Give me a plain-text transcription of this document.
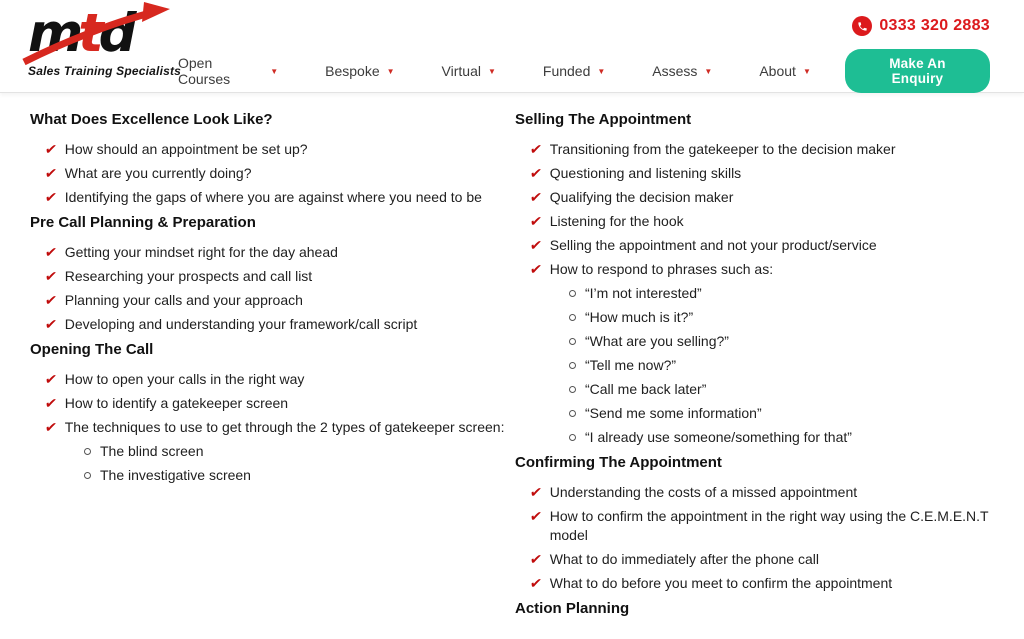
mtd
Sales Training Specialists
0333 320 2883
Open Courses	▼	Bespoke ▼	Virtual ▼	Funded ▼	Assess ▼	About ▼
Make An Enquiry
What Does Excellence Look Like?
✔ How should an appointment be set up?
✔ What are you currently doing?
✔ Identifying the gaps of where you are against where you need to be
Pre Call Planning & Preparation
✔ Getting your mindset right for the day ahead
✔ Researching your prospects and call list
✔ Planning your calls and your approach
✔ Developing and understanding your framework/call script
Opening The Call
✔ How to open your calls in the right way
✔ How to identify a gatekeeper screen
✔ The techniques to use to get through the 2 types of gatekeeper screen:
The blind screen
The investigative screen
Selling The Appointment
✔ Transitioning from the gatekeeper to the decision maker
✔ Questioning and listening skills
✔ Qualifying the decision maker
✔ Listening for the hook
✔ Selling the appointment and not your product/service
✔ How to respond to phrases such as:
“I’m not interested”
“How much is it?”
“What are you selling?”
“Tell me now?”
“Call me back later”
“Send me some information”
“I already use someone/something for that”
Confirming The Appointment
✔ Understanding the costs of a missed appointment
✔ How to confirm the appointment in the right way using the C.E.M.E.N.T model
✔ What to do immediately after the phone call
✔ What to do before you meet to confirm the appointment
Action Planning
